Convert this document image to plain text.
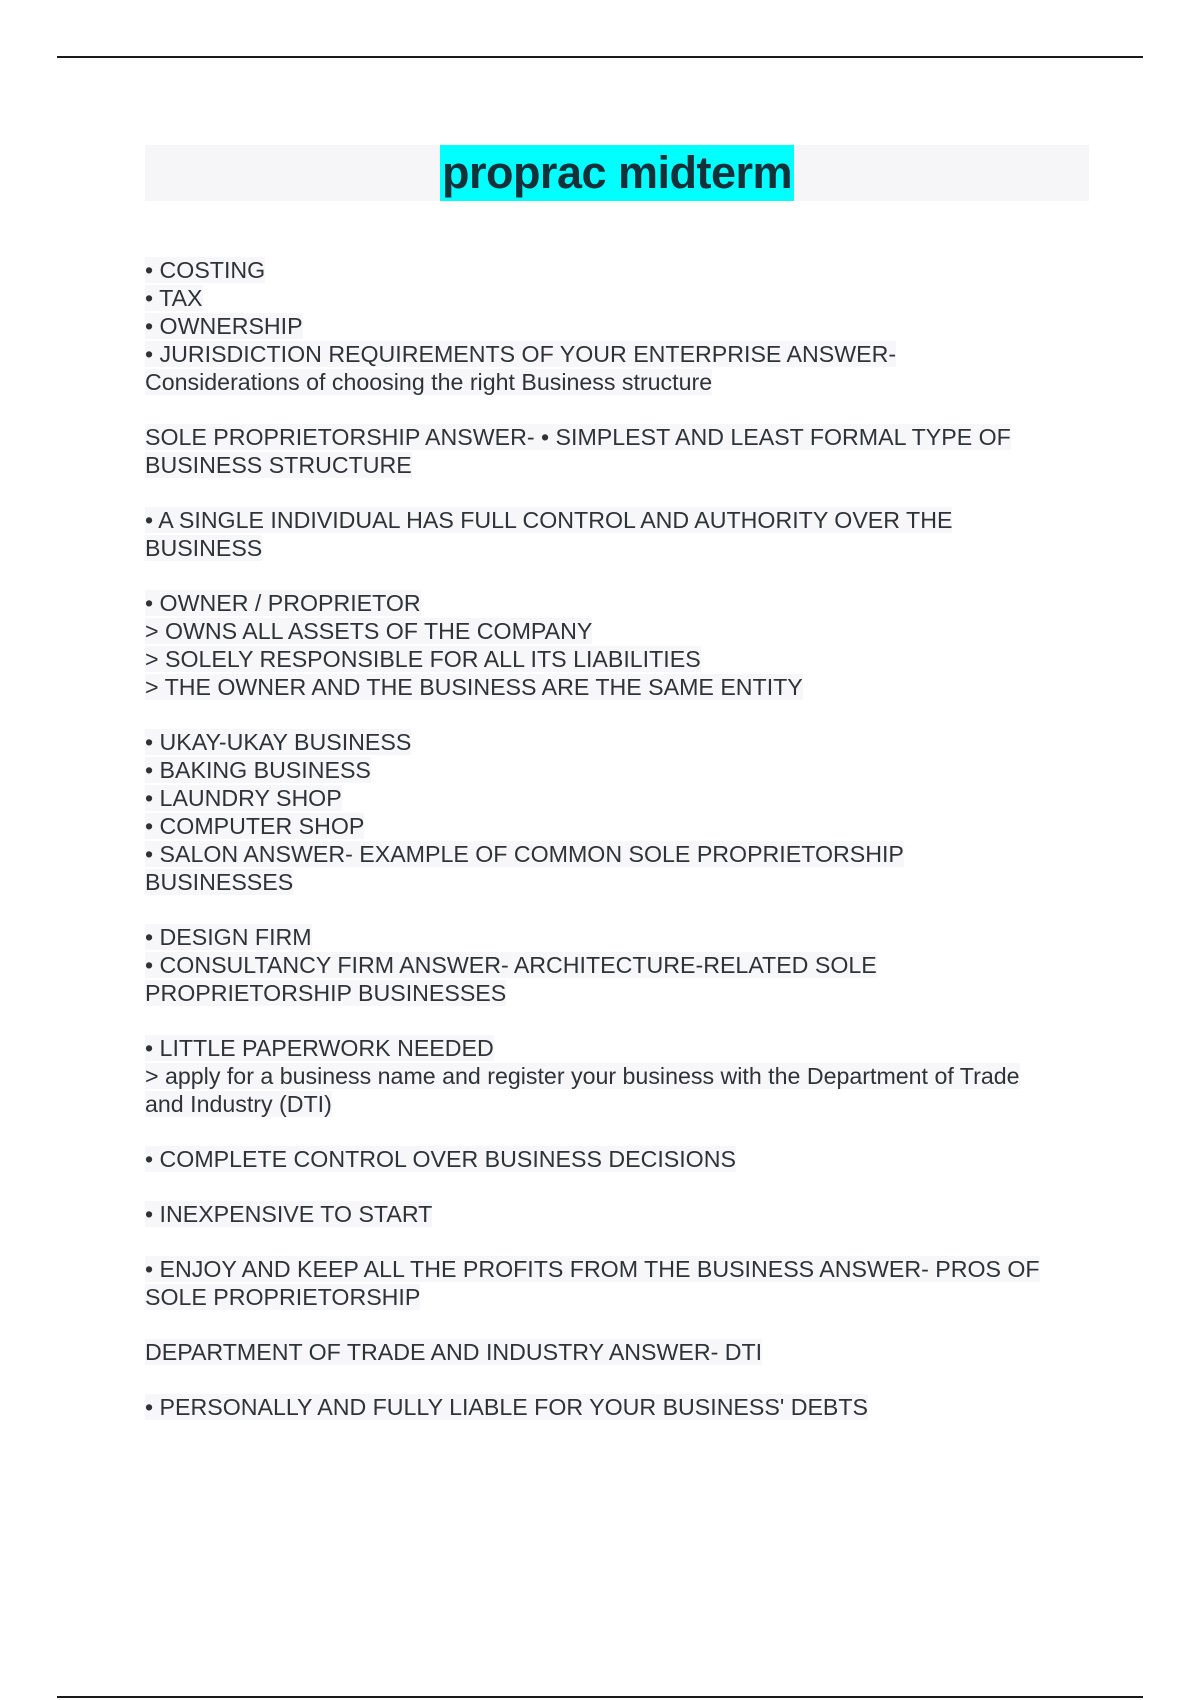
proprac midterm
• COSTING
• TAX
• OWNERSHIP
• JURISDICTION REQUIREMENTS OF YOUR ENTERPRISE ANSWER-
Considerations of choosing the right Business structure
SOLE PROPRIETORSHIP ANSWER- • SIMPLEST AND LEAST FORMAL TYPE OF
BUSINESS STRUCTURE
• A SINGLE INDIVIDUAL HAS FULL CONTROL AND AUTHORITY OVER THE
BUSINESS
• OWNER / PROPRIETOR
> OWNS ALL ASSETS OF THE COMPANY
> SOLELY RESPONSIBLE FOR ALL ITS LIABILITIES
> THE OWNER AND THE BUSINESS ARE THE SAME ENTITY
• UKAY-UKAY BUSINESS
• BAKING BUSINESS
• LAUNDRY SHOP
• COMPUTER SHOP
• SALON ANSWER- EXAMPLE OF COMMON SOLE PROPRIETORSHIP
BUSINESSES
• DESIGN FIRM
• CONSULTANCY FIRM ANSWER- ARCHITECTURE-RELATED SOLE
PROPRIETORSHIP BUSINESSES
• LITTLE PAPERWORK NEEDED
> apply for a business name and register your business with the Department of Trade
and Industry (DTI)
• COMPLETE CONTROL OVER BUSINESS DECISIONS
• INEXPENSIVE TO START
• ENJOY AND KEEP ALL THE PROFITS FROM THE BUSINESS ANSWER- PROS OF
SOLE PROPRIETORSHIP
DEPARTMENT OF TRADE AND INDUSTRY ANSWER- DTI
• PERSONALLY AND FULLY LIABLE FOR YOUR BUSINESS' DEBTS
